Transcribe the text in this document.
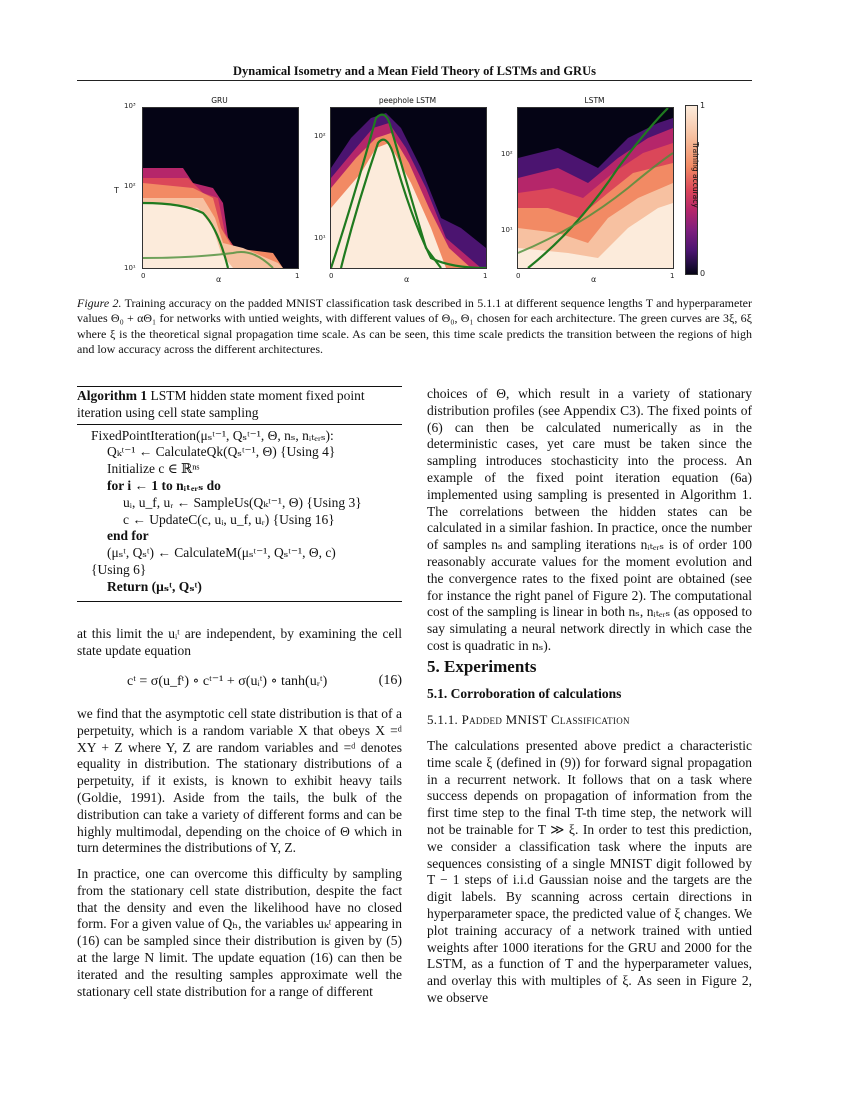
Dynamical Isometry and a Mean Field Theory of LSTMs and GRUs
GRU
10³
10²
10¹
T
0	1
α
peephole LSTM
10²
10¹
0	1
α
LSTM
10²
10¹
0	1
α
1
0
Training accuracy
Figure 2. Training accuracy on the padded MNIST classification task described in 5.1.1 at different sequence lengths T and hyperparameter values Θ₀ + αΘ₁ for networks with untied weights, with different values of Θ₀, Θ₁ chosen for each architecture. The green curves are 3ξ, 6ξ where ξ is the theoretical signal propagation time scale. As can be seen, this time scale predicts the transition between the regions of high and low accuracy across the different architectures.
Algorithm 1 LSTM hidden state moment fixed point iteration using cell state sampling
FixedPointIteration(μₛᵗ⁻¹, Qₛᵗ⁻¹, Θ, nₛ, nᵢₜₑᵣₛ):
Qₖᵗ⁻¹ ← CalculateQk(Qₛᵗ⁻¹, Θ) {Using 4}
Initialize c ∈ ℝⁿˢ
for i ← 1 to nᵢₜₑᵣₛ do
uᵢ, u_f, uᵣ ← SampleUs(Qₖᵗ⁻¹, Θ) {Using 3}
c ← UpdateC(c, uᵢ, u_f, uᵣ) {Using 16}
end for
(μₛᵗ, Qₛᵗ) ← CalculateM(μₛᵗ⁻¹, Qₛᵗ⁻¹, Θ, c)
{Using 6}
Return (μₛᵗ, Qₛᵗ)
at this limit the uᵢᵗ are independent, by examining the cell state update equation
cᵗ = σ(u_fᵗ) ∘ cᵗ⁻¹ + σ(uᵢᵗ) ∘ tanh(uᵣᵗ)	(16)
we find that the asymptotic cell state distribution is that of a perpetuity, which is a random variable X that obeys X =ᵈ XY + Z where Y, Z are random variables and =ᵈ denotes equality in distribution. The stationary distributions of a perpetuity, if it exists, is known to exhibit heavy tails (Goldie, 1991). Aside from the tails, the bulk of the distribution can take a variety of different forms and can be highly multimodal, depending on the choice of Θ which in turn determines the distributions of Y, Z.
In practice, one can overcome this difficulty by sampling from the stationary cell state distribution, despite the fact that the density and even the likelihood have no closed form. For a given value of Qₕ, the variables uₖᵗ appearing in (16) can be sampled since their distribution is given by (5) at the large N limit. The update equation (16) can then be iterated and the resulting samples approximate well the stationary cell state distribution for a range of different
choices of Θ, which result in a variety of stationary distribution profiles (see Appendix C3). The fixed points of (6) can then be calculated numerically as in the deterministic cases, yet care must be taken since the sampling introduces stochasticity into the process. An example of the fixed point iteration equation (6a) implemented using sampling is presented in Algorithm 1. The correlations between the hidden states can be calculated in a similar fashion. In practice, once the number of samples nₛ and sampling iterations nᵢₜₑᵣₛ is of order 100 reasonably accurate values for the moment evolution and the convergence rates to the fixed point are obtained (see for instance the right panel of Figure 2). The computational cost of the sampling is linear in both nₛ, nᵢₜₑᵣₛ (as opposed to say simulating a neural network directly in which case the cost is quadratic in nₛ).
5. Experiments
5.1. Corroboration of calculations
5.1.1. Padded MNIST Classification
The calculations presented above predict a characteristic time scale ξ (defined in (9)) for forward signal propagation in a recurrent network. It follows that on a task where success depends on propagation of information from the first time step to the final T-th time step, the network will not be trainable for T ≫ ξ. In order to test this prediction, we consider a classification task where the inputs are sequences consisting of a single MNIST digit followed by T − 1 steps of i.i.d Gaussian noise and the targets are the digit labels. By scanning across certain directions in hyperparameter space, the predicted value of ξ changes. We plot training accuracy of a network trained with untied weights after 1000 iterations for the GRU and 2000 for the LSTM, as a function of T and the hyperparameter values, and overlay this with multiples of ξ. As seen in Figure 2, we observe
